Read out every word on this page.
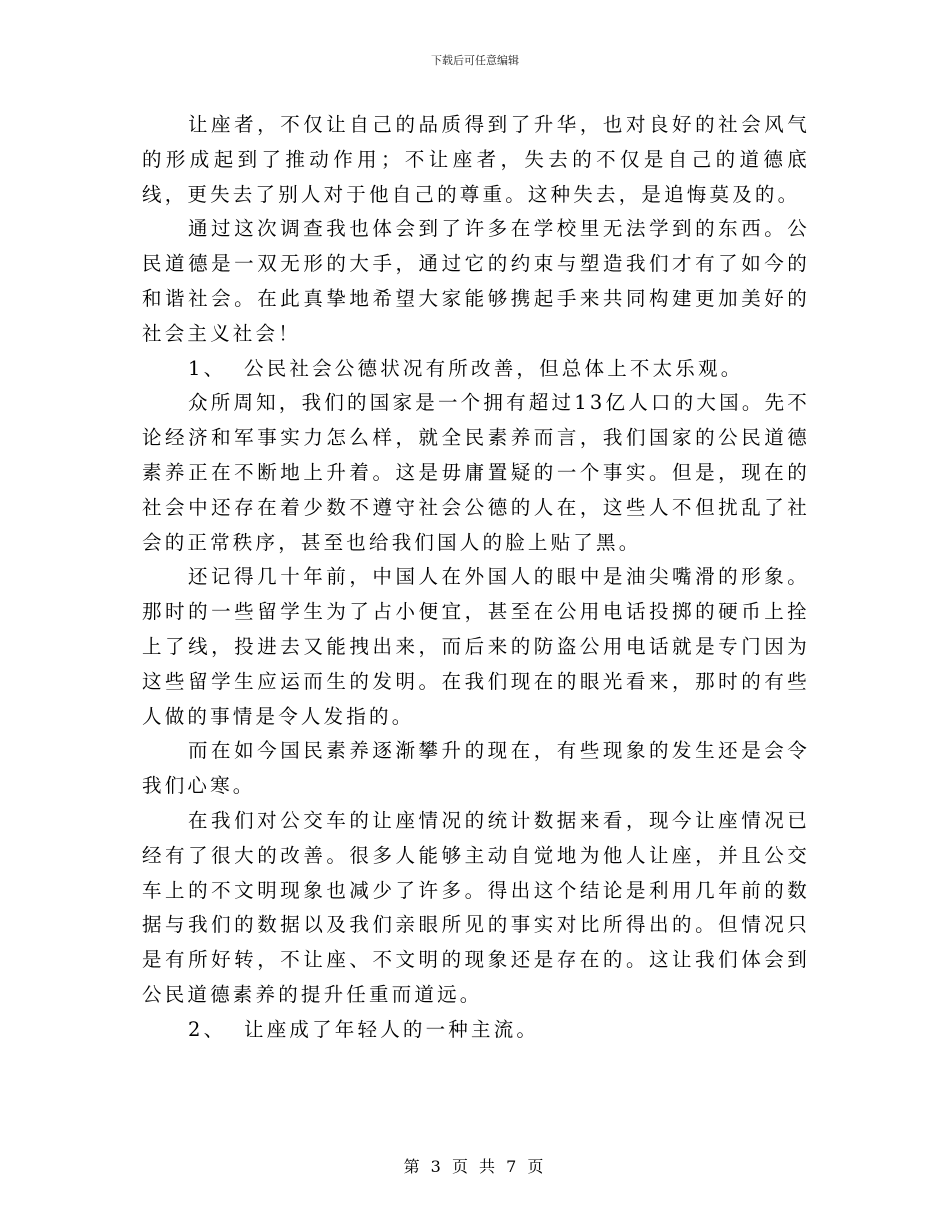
下载后可任意编辑

让座者，不仅让自己的品质得到了升华，也对良好的社会风气的形成起到了推动作用；不让座者，失去的不仅是自己的道德底线，更失去了别人对于他自己的尊重。这种失去，是追悔莫及的。

通过这次调查我也体会到了许多在学校里无法学到的东西。公民道德是一双无形的大手，通过它的约束与塑造我们才有了如今的和谐社会。在此真挚地希望大家能够携起手来共同构建更加美好的社会主义社会！

1、 公民社会公德状况有所改善，但总体上不太乐观。

众所周知，我们的国家是一个拥有超过13亿人口的大国。先不论经济和军事实力怎么样，就全民素养而言，我们国家的公民道德素养正在不断地上升着。这是毋庸置疑的一个事实。但是，现在的社会中还存在着少数不遵守社会公德的人在，这些人不但扰乱了社会的正常秩序，甚至也给我们国人的脸上贴了黑。

还记得几十年前，中国人在外国人的眼中是油尖嘴滑的形象。那时的一些留学生为了占小便宜，甚至在公用电话投掷的硬币上拴上了线，投进去又能拽出来，而后来的防盗公用电话就是专门因为这些留学生应运而生的发明。在我们现在的眼光看来，那时的有些人做的事情是令人发指的。

而在如今国民素养逐渐攀升的现在，有些现象的发生还是会令我们心寒。

在我们对公交车的让座情况的统计数据来看，现今让座情况已经有了很大的改善。很多人能够主动自觉地为他人让座，并且公交车上的不文明现象也减少了许多。得出这个结论是利用几年前的数据与我们的数据以及我们亲眼所见的事实对比所得出的。但情况只是有所好转，不让座、不文明的现象还是存在的。这让我们体会到公民道德素养的提升任重而道远。

2、 让座成了年轻人的一种主流。

第 3 页 共 7 页
